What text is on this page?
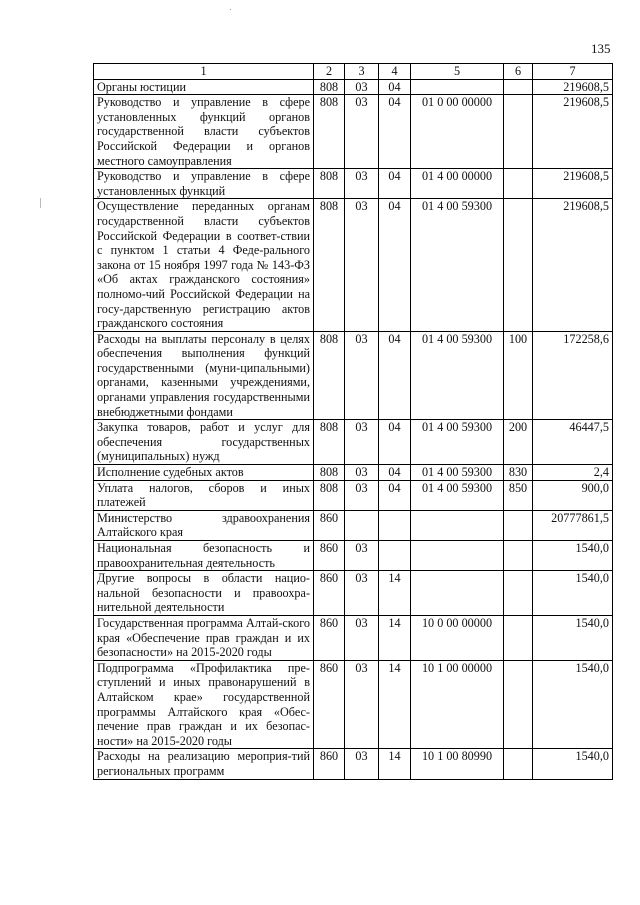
135
1	2	3	4	5	6	7
Органы юстиции	808	03	04			219608,5
Руководство и управление в сфере установленных функций органов государственной власти субъектов Российской Федерации и органов местного самоуправления	808	03	04	01 0 00 00000		219608,5
Руководство и управление в сфере установленных функций	808	03	04	01 4 00 00000		219608,5
Осуществление переданных органам государственной власти субъектов Российской Федерации в соответ-ствии с пунктом 1 статьи 4 Феде-рального закона от 15 ноября 1997 года № 143-ФЗ «Об актах гражданского состояния» полномо-чий Российской Федерации на госу-дарственную регистрацию актов гражданского состояния	808	03	04	01 4 00 59300		219608,5
Расходы на выплаты персоналу в целях обеспечения выполнения функций государственными (муни-ципальными) органами, казенными учреждениями, органами управления государственными внебюджетными фондами	808	03	04	01 4 00 59300	100	172258,6
Закупка товаров, работ и услуг для обеспечения государственных (муниципальных) нужд	808	03	04	01 4 00 59300	200	46447,5
Исполнение судебных актов	808	03	04	01 4 00 59300	830	2,4
Уплата налогов, сборов и иных платежей	808	03	04	01 4 00 59300	850	900,0
Министерство здравоохранения Алтайского края	860					20777861,5
Национальная безопасность и правоохранительная деятельность	860	03				1540,0
Другие вопросы в области нацио-нальной безопасности и правоохра-нительной деятельности	860	03	14			1540,0
Государственная программа Алтай-ского края «Обеспечение прав граждан и их безопасности» на 2015-2020 годы	860	03	14	10 0 00 00000		1540,0
Подпрограмма «Профилактика пре-ступлений и иных правонарушений в Алтайском крае» государственной программы Алтайского края «Обес-печение прав граждан и их безопас-ности» на 2015-2020 годы	860	03	14	10 1 00 00000		1540,0
Расходы на реализацию мероприя-тий региональных программ	860	03	14	10 1 00 80990		1540,0
